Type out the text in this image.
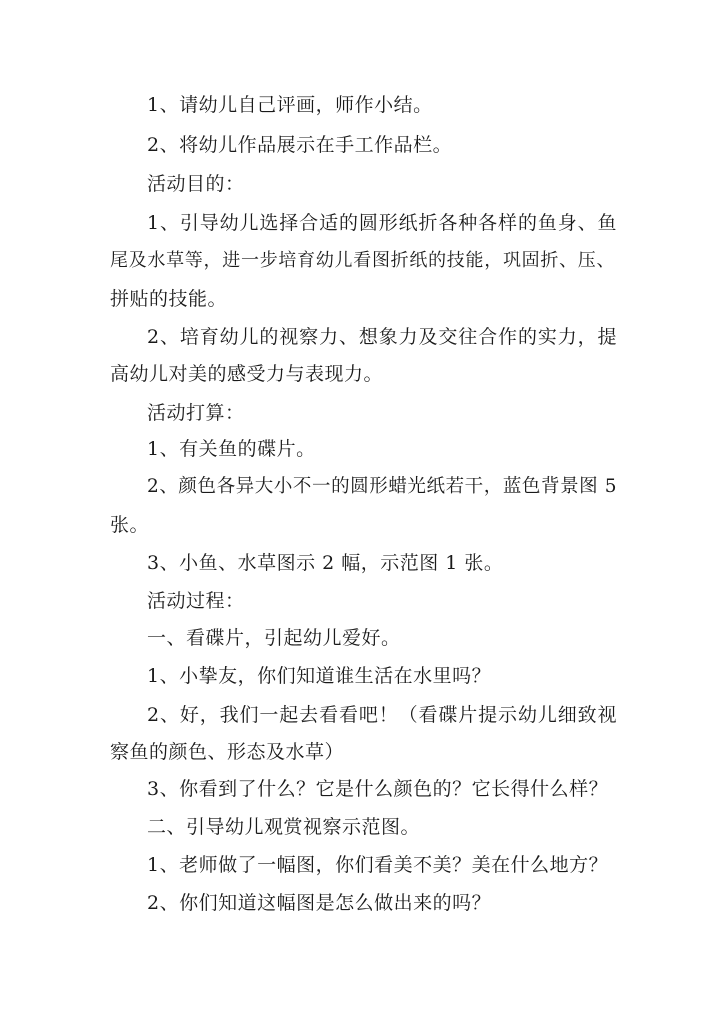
1、请幼儿自己评画，师作小结。
2、将幼儿作品展示在手工作品栏。
活动目的：
1、引导幼儿选择合适的圆形纸折各种各样的鱼身、鱼
尾及水草等，进一步培育幼儿看图折纸的技能，巩固折、压、
拼贴的技能。
2、培育幼儿的视察力、想象力及交往合作的实力，提
高幼儿对美的感受力与表现力。
活动打算：
1、有关鱼的碟片。
2、颜色各异大小不一的圆形蜡光纸若干，蓝色背景图 5
张。
3、小鱼、水草图示 2 幅，示范图 1 张。
活动过程：
一、看碟片，引起幼儿爱好。
1、小挚友，你们知道谁生活在水里吗？
2、好，我们一起去看看吧！（看碟片提示幼儿细致视
察鱼的颜色、形态及水草）
3、你看到了什么？它是什么颜色的？它长得什么样？
二、引导幼儿观赏视察示范图。
1、老师做了一幅图，你们看美不美？美在什么地方？
2、你们知道这幅图是怎么做出来的吗？
